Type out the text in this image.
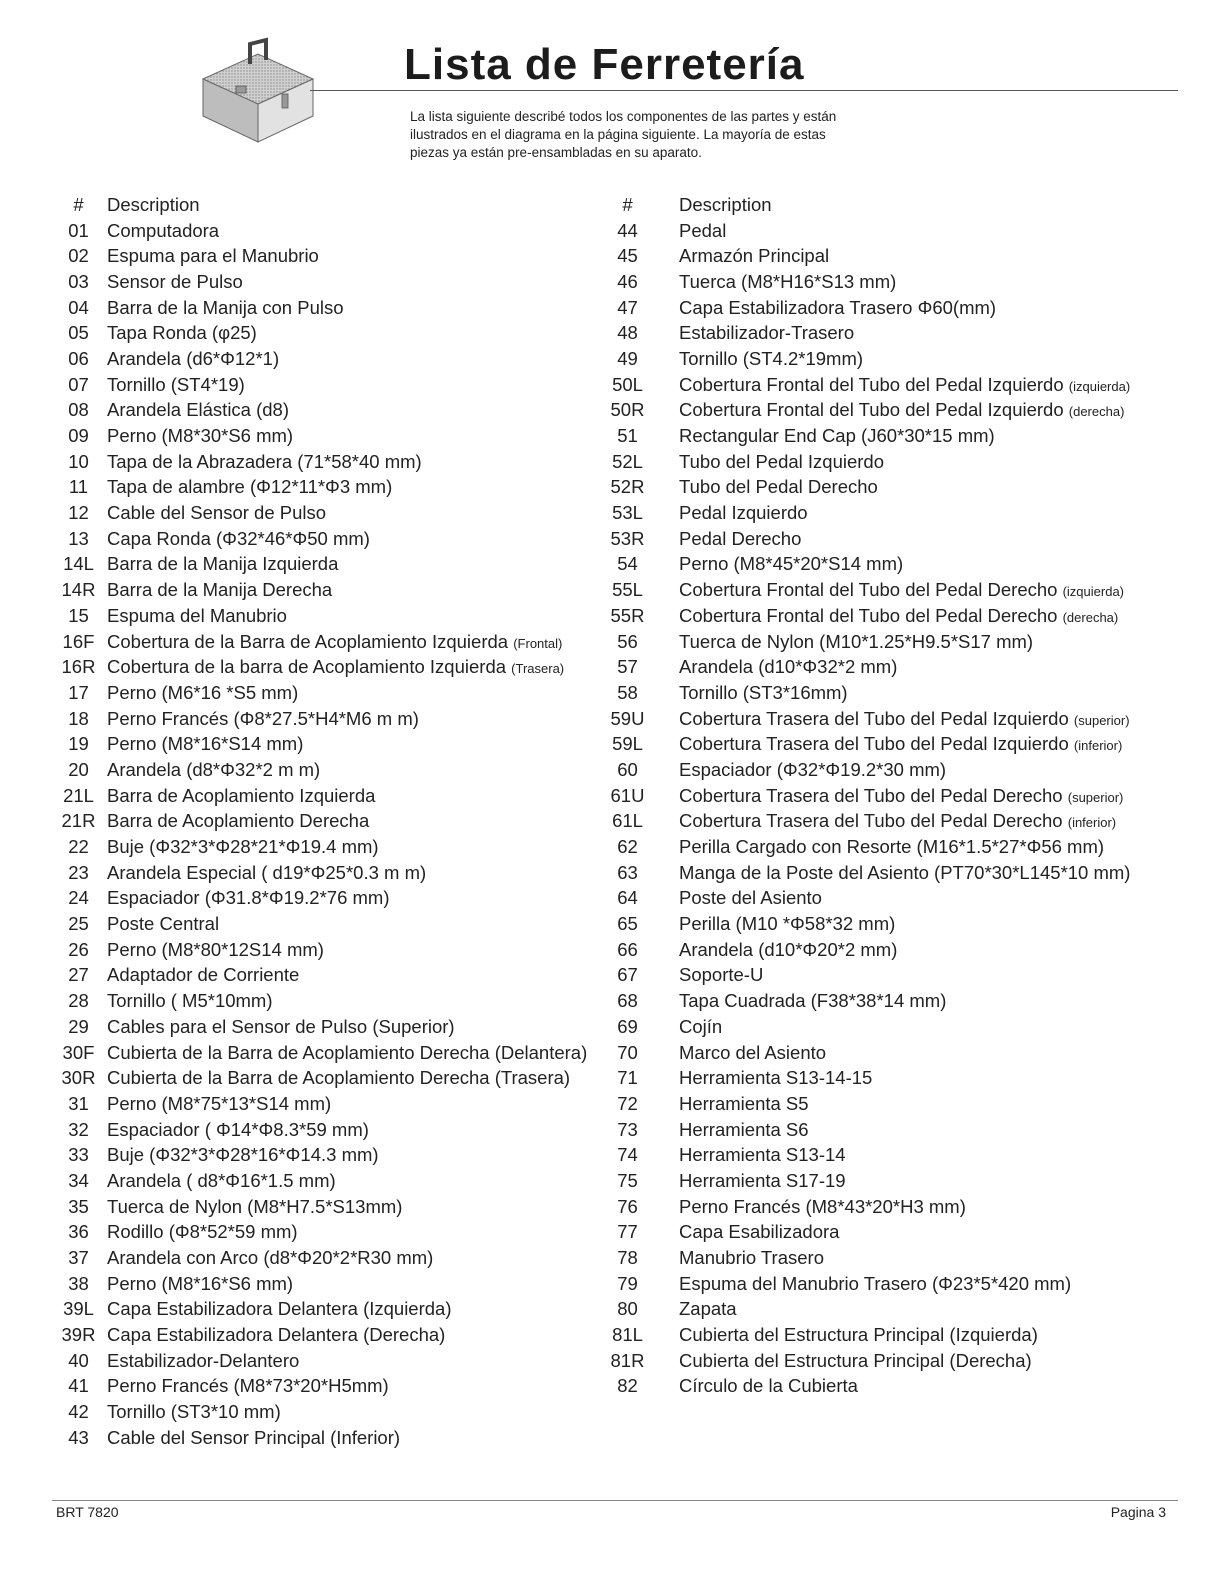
Lista de Ferretería
La lista siguiente describé todos los componentes de las partes y están
ilustrados en el diagrama en la página siguiente. La mayoría de estas
piezas ya están pre-ensambladas en su aparato.
#	Description
01 Computadora
02 Espuma para el Manubrio
03 Sensor de Pulso
04 Barra de la Manija con Pulso
05 Tapa Ronda (φ25)
06 Arandela (d6*Φ12*1)
07 Tornillo (ST4*19)
08 Arandela Elástica (d8)
09 Perno (M8*30*S6 mm)
10 Tapa de la Abrazadera (71*58*40 mm)
11	Tapa de alambre (Φ12*11*Φ3 mm)
12 Cable del Sensor de Pulso
13 Capa Ronda (Φ32*46*Φ50 mm)
14L Barra de la Manija Izquierda
14R Barra de la Manija Derecha
15 Espuma del Manubrio
16F Cobertura de la Barra de Acoplamiento Izquierda (Frontal)
16R Cobertura de la barra de Acoplamiento Izquierda (Trasera)
17 Perno (M6*16 *S5 mm)
18 Perno Francés (Φ8*27.5*H4*M6 m m)
19 Perno (M8*16*S14 mm)
20 Arandela (d8*Φ32*2 m m)
21L Barra de Acoplamiento Izquierda
21R Barra de Acoplamiento Derecha
22 Buje (Φ32*3*Φ28*21*Φ19.4 mm)
23 Arandela Especial ( d19*Φ25*0.3 m m)
24 Espaciador (Φ31.8*Φ19.2*76 mm)
25 Poste Central
26 Perno (M8*80*12S14 mm)
27 Adaptador de Corriente
28 Tornillo ( M5*10mm)
29 Cables para el Sensor de Pulso (Superior)
30F Cubierta de la Barra de Acoplamiento Derecha (Delantera)
30R Cubierta de la Barra de Acoplamiento Derecha (Trasera)
31 Perno (M8*75*13*S14 mm)
32 Espaciador ( Φ14*Φ8.3*59 mm)
33 Buje (Φ32*3*Φ28*16*Φ14.3 mm)
34 Arandela ( d8*Φ16*1.5 mm)
35 Tuerca de Nylon (M8*H7.5*S13mm)
36 Rodillo (Φ8*52*59 mm)
37 Arandela con Arco (d8*Φ20*2*R30 mm)
38 Perno (M8*16*S6 mm)
39L Capa Estabilizadora Delantera (Izquierda)
39R Capa Estabilizadora Delantera (Derecha)
40 Estabilizador-Delantero
41 Perno Francés (M8*73*20*H5mm)
42 Tornillo (ST3*10 mm)
43 Cable del Sensor Principal (Inferior)
#	Description
44	Pedal
45	Armazón Principal
46	Tuerca (M8*H16*S13 mm)
47	Capa Estabilizadora Trasero Φ60(mm)
48	Estabilizador-Trasero
49	Tornillo (ST4.2*19mm)
50L	Cobertura Frontal del Tubo del Pedal Izquierdo (izquierda)
50R	Cobertura Frontal del Tubo del Pedal Izquierdo (derecha)
51	Rectangular End Cap (J60*30*15 mm)
52L	Tubo del Pedal Izquierdo
52R	Tubo del Pedal Derecho
53L	Pedal Izquierdo
53R	Pedal Derecho
54	Perno (M8*45*20*S14 mm)
55L	Cobertura Frontal del Tubo del Pedal Derecho (izquierda)
55R	Cobertura Frontal del Tubo del Pedal Derecho (derecha)
56	Tuerca de Nylon (M10*1.25*H9.5*S17 mm)
57	Arandela (d10*Φ32*2 mm)
58	Tornillo (ST3*16mm)
59U	Cobertura Trasera del Tubo del Pedal Izquierdo (superior)
59L	Cobertura Trasera del Tubo del Pedal Izquierdo (inferior)
60	Espaciador (Φ32*Φ19.2*30 mm)
61U	Cobertura Trasera del Tubo del Pedal Derecho (superior)
61L	Cobertura Trasera del Tubo del Pedal Derecho (inferior)
62	Perilla Cargado con Resorte (M16*1.5*27*Φ56 mm)
63	Manga de la Poste del Asiento (PT70*30*L145*10 mm)
64	Poste del Asiento
65	Perilla (M10 *Φ58*32 mm)
66	Arandela (d10*Φ20*2 mm)
67	Soporte-U
68	Tapa Cuadrada (F38*38*14 mm)
69	Cojín
70	Marco del Asiento
71	Herramienta S13-14-15
72	Herramienta S5
73	Herramienta S6
74	Herramienta S13-14
75	Herramienta S17-19
76	Perno Francés (M8*43*20*H3 mm)
77	Capa Esabilizadora
78	Manubrio Trasero
79	Espuma del Manubrio Trasero (Φ23*5*420 mm)
80	Zapata
81L	Cubierta del Estructura Principal (Izquierda)
81R	Cubierta del Estructura Principal (Derecha)
82	Círculo de la Cubierta
BRT 7820	Pagina 3
